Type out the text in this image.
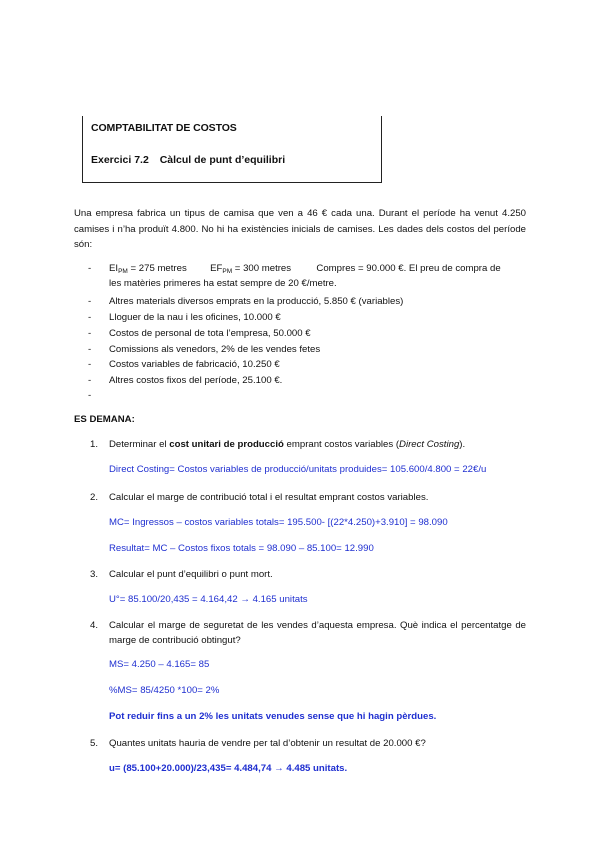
COMPTABILITAT DE COSTOS
Exercici 7.2 Càlcul de punt d’equilibri
Una empresa fabrica un tipus de camisa que ven a 46 € cada una. Durant el període ha venut 4.250 camises i n’ha produït 4.800. No hi ha existències inicials de camises. Les dades dels costos del període són:
- $EI_{PM} = 275$ metres $EF_{PM} = 300$ metres	Compres = 90.000 €. El preu de compra de
les matèries primeres ha estat sempre de 20 €/metre.
- Altres materials diversos emprats en la producció, 5.850 € (variables)
- Lloguer de la nau i les oficines, 10.000 €
- Costos de personal de tota l’empresa, 50.000 €
- Comissions als venedors, 2% de les vendes fetes
- Costos variables de fabricació, 10.250 €
- Altres costos fixos del període, 25.100 €.
-
ES DEMANA:
1. Determinar el cost unitari de producció emprant costos variables (Direct Costing).
Direct Costing= Costos variables de producció/unitats produides= 105.600/4.800 = 22€/u
2. Calcular el marge de contribució total i el resultat emprant costos variables.
MC= Ingressos – costos variables totals= 195.500- [(22*4.250)+3.910] = 98.090
Resultat= MC – Costos fixos totals = 98.090 – 85.100= 12.990
3. Calcular el punt d’equilibri o punt mort.
U°= 85.100/20,435 = 4.164,42 → 4.165 unitats
4. Calcular el marge de seguretat de les vendes d’aquesta empresa. Què indica el percentatge de marge de contribució obtingut?
MS= 4.250 – 4.165= 85
%MS= 85/4250 *100= 2%
Pot reduir fins a un 2% les unitats venudes sense que hi hagin pèrdues.
5. Quantes unitats hauria de vendre per tal d’obtenir un resultat de 20.000 €?
u= (85.100+20.000)/23,435= 4.484,74 → 4.485 unitats.
